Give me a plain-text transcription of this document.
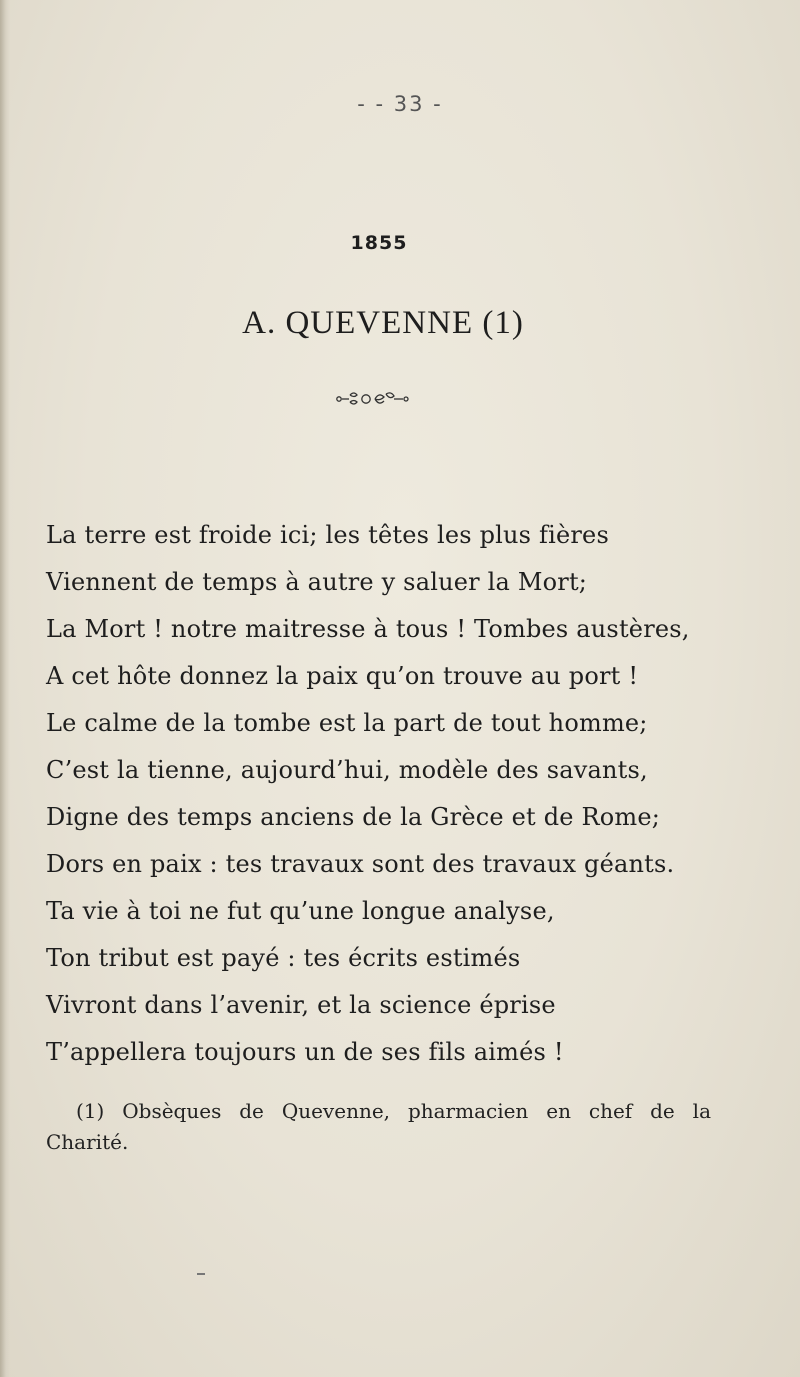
- - 33 -
1855
A. QUEVENNE (1)
La terre est froide ici; les têtes les plus fières
Viennent de temps à autre y saluer la Mort;
La Mort ! notre maitresse à tous ! Tombes austères,
A cet hôte donnez la paix qu’on trouve au port !
Le calme de la tombe est la part de tout homme;
C’est la tienne, aujourd’hui, modèle des savants,
Digne des temps anciens de la Grèce et de Rome;
Dors en paix : tes travaux sont des travaux géants.
Ta vie à toi ne fut qu’une longue analyse,
Ton tribut est payé : tes écrits estimés
Vivront dans l’avenir, et la science éprise
T’appellera toujours un de ses fils aimés !
(1) Obsèques de Quevenne, pharmacien en chef de la
Charité.
